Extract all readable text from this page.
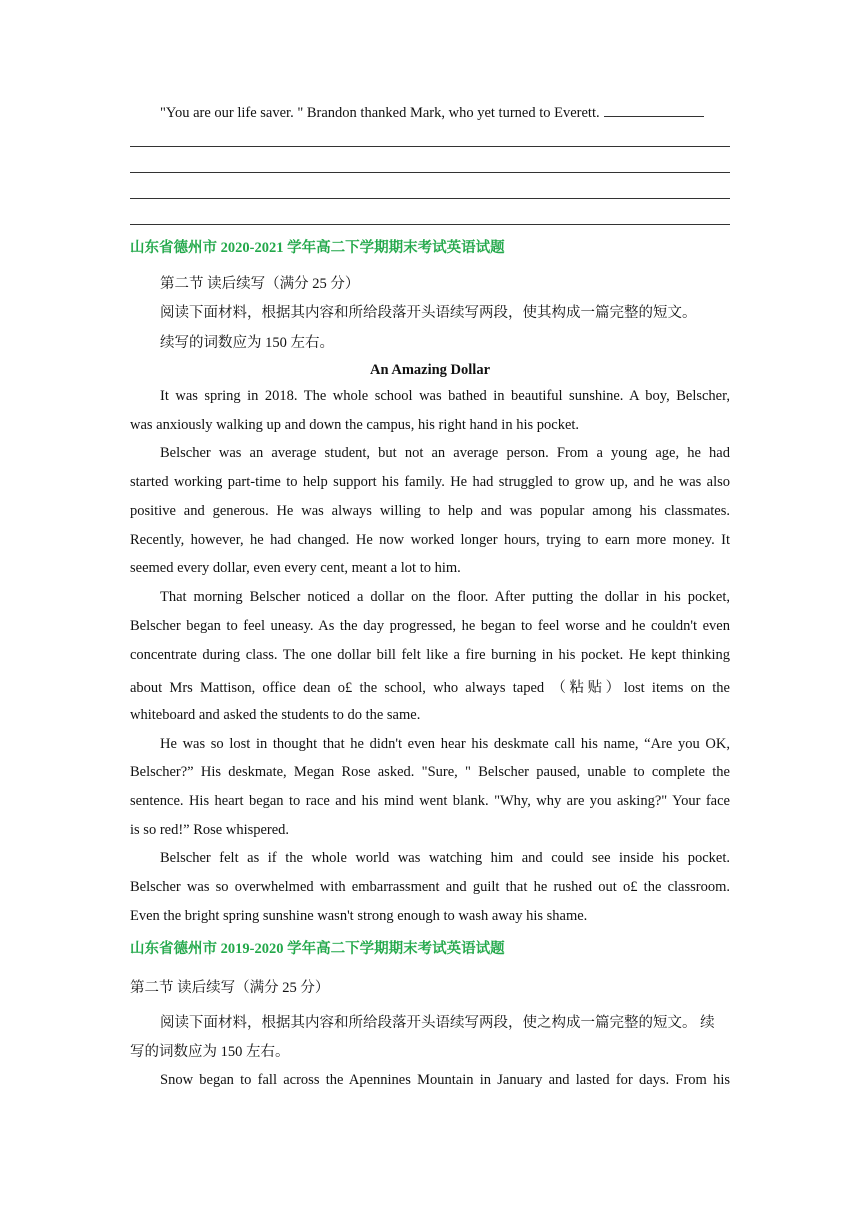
"You are our life saver. " Brandon thanked Mark, who yet turned to Everett.
山东省德州市 2020-2021 学年高二下学期期末考试英语试题
第二节 读后续写（满分 25 分）
阅读下面材料，根据其内容和所给段落开头语续写两段，使其构成一篇完整的短文。
续写的词数应为 150 左右。
An Amazing Dollar
It was spring in 2018. The whole school was bathed in beautiful sunshine. A boy, Belscher,
was anxiously walking up and down the campus, his right hand in his pocket.
Belscher was an average student, but not an average person. From a young age, he had
started working part-time to help support his family. He had struggled to grow up, and he was also
positive and generous. He was always willing to help and was popular among his classmates.
Recently, however, he had changed. He now worked longer hours, trying to earn more money. It
seemed every dollar, even every cent, meant a lot to him.
That morning Belscher noticed a dollar on the floor. After putting the dollar in his pocket,
Belscher began to feel uneasy. As the day progressed, he began to feel worse and he couldn't even
concentrate during class. The one dollar bill felt like a fire burning in his pocket. He kept thinking
about Mrs Mattison, office dean o£ the school, who always taped （粘贴）lost items on the
whiteboard and asked the students to do the same.
He was so lost in thought that he didn't even hear his deskmate call his name, “Are you OK,
Belscher?” His deskmate, Megan Rose asked. "Sure, " Belscher paused, unable to complete the
sentence. His heart began to race and his mind went blank. "Why, why are you asking?" Your face
is so red!” Rose whispered.
Belscher felt as if the whole world was watching him and could see inside his pocket.
Belscher was so overwhelmed with embarrassment and guilt that he rushed out o£ the classroom.
Even the bright spring sunshine wasn't strong enough to wash away his shame.
山东省德州市 2019-2020 学年高二下学期期末考试英语试题
第二节 读后续写（满分 25 分）
阅读下面材料，根据其内容和所给段落开头语续写两段，使之构成一篇完整的短文。 续
写的词数应为 150 左右。
Snow began to fall across the Apennines Mountain in January and lasted for days. From his
